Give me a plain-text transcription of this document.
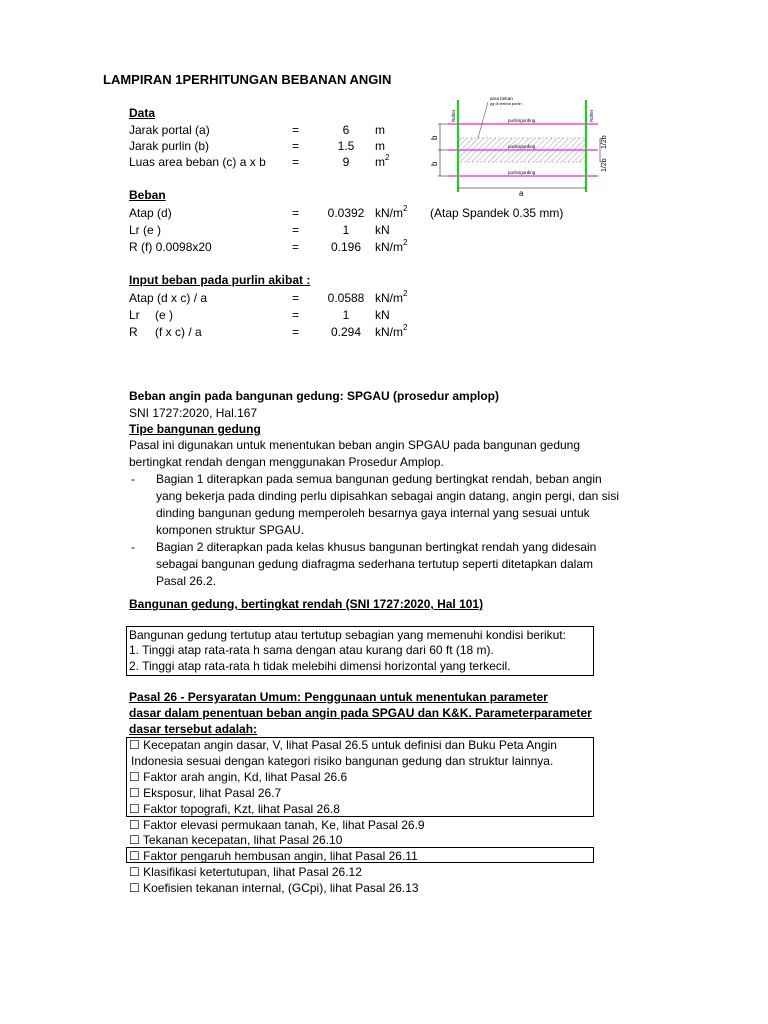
LAMPIRAN 1PERHITUNGAN BEBANAN ANGIN
Data
Jarak portal (a)	=	6	m
Jarak purlin (b)	=	1.5	m
Luas area beban (c) a x b =	9	$m^2$
Beban
Atap (d)	= 0.0392 $kN/m^2$ (Atap Spandek 0.35 mm)
Lr (e )	=	1	kN
R (f) 0.0098x20	=	0.196	$kN/m^2$
Input beban pada purlin akibat :
Atap (d x c) / a	= 0.0588 $kN/m^2$
Lr (e )	=	1	kN
R (f x c) / a	=	0.294	$kN/m^2$
area beban
yg di terima purlin
purlin/gording
purlin/gording
purlin/gording
Rafter	Rafter
b
b
1/2b
1/2b
a
Beban angin pada bangunan gedung: SPGAU (prosedur amplop)
SNI 1727:2020, Hal.167
Tipe bangunan gedung
Pasal ini digunakan untuk menentukan beban angin SPGAU pada bangunan gedung
bertingkat rendah dengan menggunakan Prosedur Amplop.
- Bagian 1 diterapkan pada semua bangunan gedung bertingkat rendah, beban angin
yang bekerja pada dinding perlu dipisahkan sebagai angin datang, angin pergi, dan sisi
dinding bangunan gedung memperoleh besarnya gaya internal yang sesuai untuk
komponen struktur SPGAU.
- Bagian 2 diterapkan pada kelas khusus bangunan bertingkat rendah yang didesain
sebagai bangunan gedung diafragma sederhana tertutup seperti ditetapkan dalam
Pasal 26.2.
Bangunan gedung, bertingkat rendah (SNI 1727:2020, Hal 101)
Bangunan gedung tertutup atau tertutup sebagian yang memenuhi kondisi berikut:
1. Tinggi atap rata-rata h sama dengan atau kurang dari 60 ft (18 m).
2. Tinggi atap rata-rata h tidak melebihi dimensi horizontal yang terkecil.
Pasal 26 - Persyaratan Umum: Penggunaan untuk menentukan parameter
dasar dalam penentuan beban angin pada SPGAU dan K&K. Parameterparameter
dasar tersebut adalah:
☐ Kecepatan angin dasar, V, lihat Pasal 26.5 untuk definisi dan Buku Peta Angin
Indonesia sesuai dengan kategori risiko bangunan gedung dan struktur lainnya.
☐ Faktor arah angin, Kd, lihat Pasal 26.6
☐ Eksposur, lihat Pasal 26.7
☐ Faktor topografi, Kzt, lihat Pasal 26.8
☐ Faktor elevasi permukaan tanah, Ke, lihat Pasal 26.9
☐ Tekanan kecepatan, lihat Pasal 26.10
☐ Faktor pengaruh hembusan angin, lihat Pasal 26.11
☐ Klasifikasi ketertutupan, lihat Pasal 26.12
☐ Koefisien tekanan internal, (GCpi), lihat Pasal 26.13
